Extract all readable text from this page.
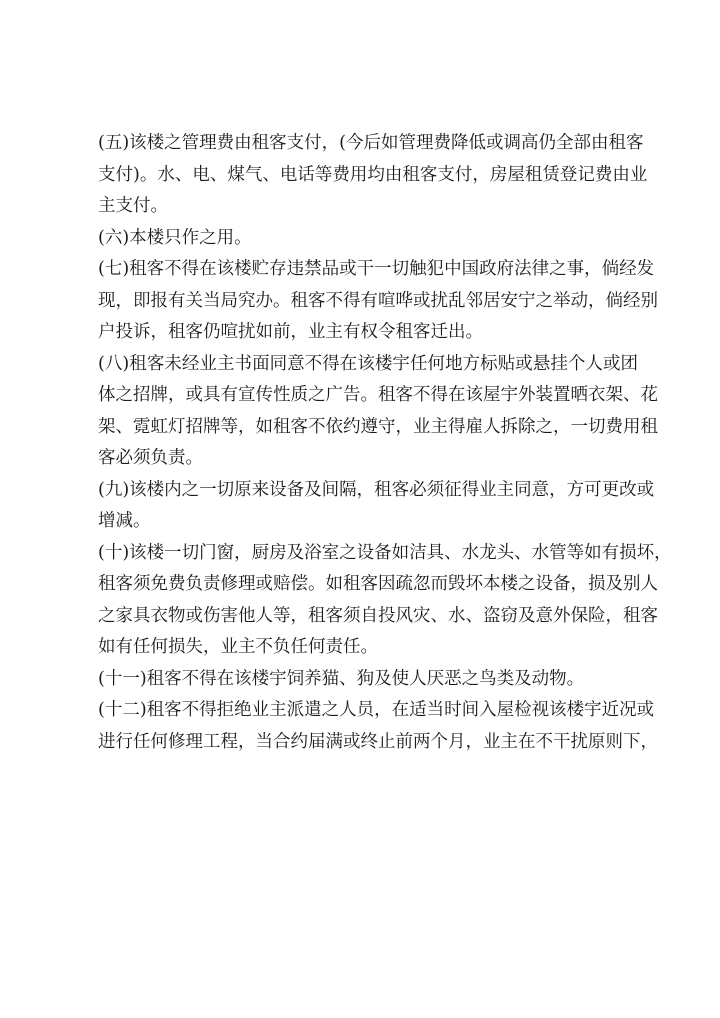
(五)该楼之管理费由租客支付，(今后如管理费降低或调高仍全部由租客
支付)。水、电、煤气、电话等费用均由租客支付，房屋租赁登记费由业
主支付。
(六)本楼只作之用。
(七)租客不得在该楼贮存违禁品或干一切触犯中国政府法律之事，倘经发
现，即报有关当局究办。租客不得有喧哗或扰乱邻居安宁之举动，倘经别
户投诉，租客仍喧扰如前，业主有权令租客迁出。
(八)租客未经业主书面同意不得在该楼宇任何地方标贴或悬挂个人或团
体之招牌，或具有宣传性质之广告。租客不得在该屋宇外装置晒衣架、花
架、霓虹灯招牌等，如租客不依约遵守，业主得雇人拆除之，一切费用租
客必须负责。
(九)该楼内之一切原来设备及间隔，租客必须征得业主同意，方可更改或
增减。
(十)该楼一切门窗，厨房及浴室之设备如洁具、水龙头、水管等如有损坏，
租客须免费负责修理或赔偿。如租客因疏忽而毁坏本楼之设备，损及别人
之家具衣物或伤害他人等，租客须自投风灾、水、盗窃及意外保险，租客
如有任何损失，业主不负任何责任。
(十一)租客不得在该楼宇饲养猫、狗及使人厌恶之鸟类及动物。
(十二)租客不得拒绝业主派遣之人员，在适当时间入屋检视该楼宇近况或
进行任何修理工程，当合约届满或终止前两个月，业主在不干扰原则下，
